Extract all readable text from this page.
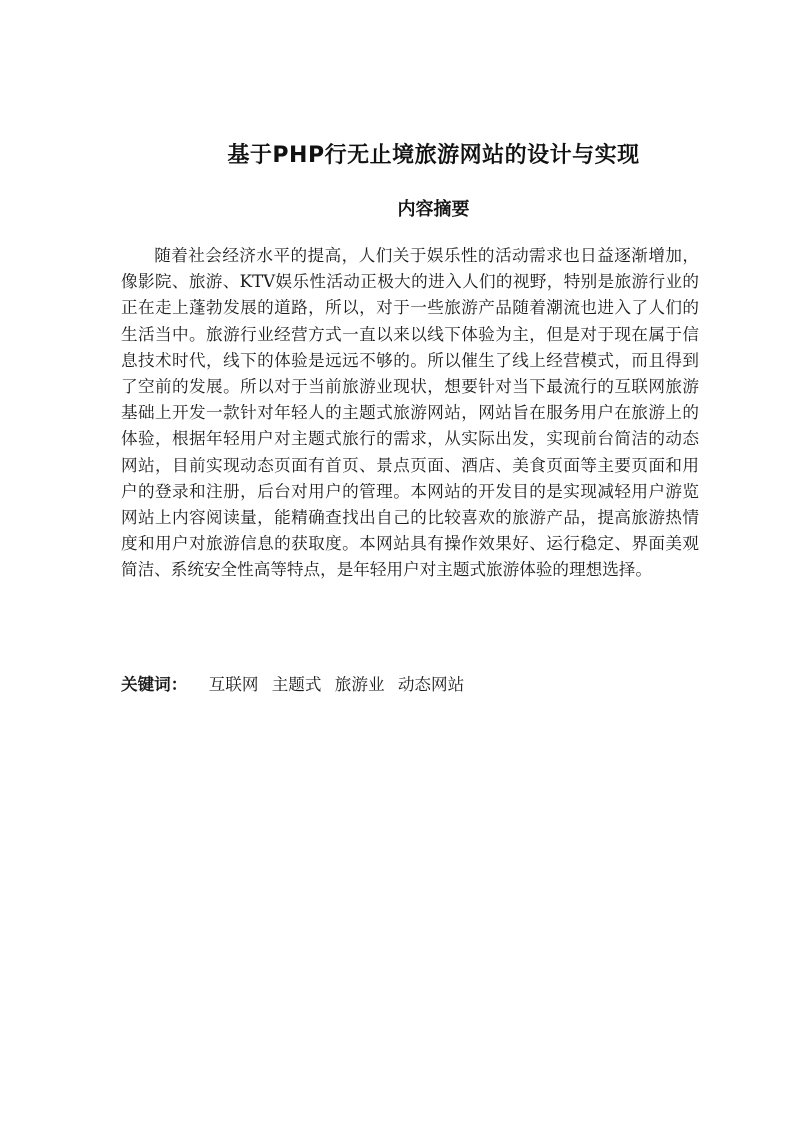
基于PHP行无止境旅游网站的设计与实现
内容摘要

随着社会经济水平的提高，人们关于娱乐性的活动需求也日益逐渐增加，像影院、旅游、KTV娱乐性活动正极大的进入人们的视野，特别是旅游行业的正在走上蓬勃发展的道路，所以，对于一些旅游产品随着潮流也进入了人们的生活当中。旅游行业经营方式一直以来以线下体验为主，但是对于现在属于信息技术时代，线下的体验是远远不够的。所以催生了线上经营模式，而且得到了空前的发展。所以对于当前旅游业现状，想要针对当下最流行的互联网旅游基础上开发一款针对年轻人的主题式旅游网站，网站旨在服务用户在旅游上的体验，根据年轻用户对主题式旅行的需求，从实际出发，实现前台简洁的动态网站，目前实现动态页面有首页、景点页面、酒店、美食页面等主要页面和用户的登录和注册，后台对用户的管理。本网站的开发目的是实现减轻用户游览网站上内容阅读量，能精确查找出自己的比较喜欢的旅游产品，提高旅游热情度和用户对旅游信息的获取度。本网站具有操作效果好、运行稳定、界面美观简洁、系统安全性高等特点，是年轻用户对主题式旅游体验的理想选择。

关键词： 互联网 主题式 旅游业 动态网站
